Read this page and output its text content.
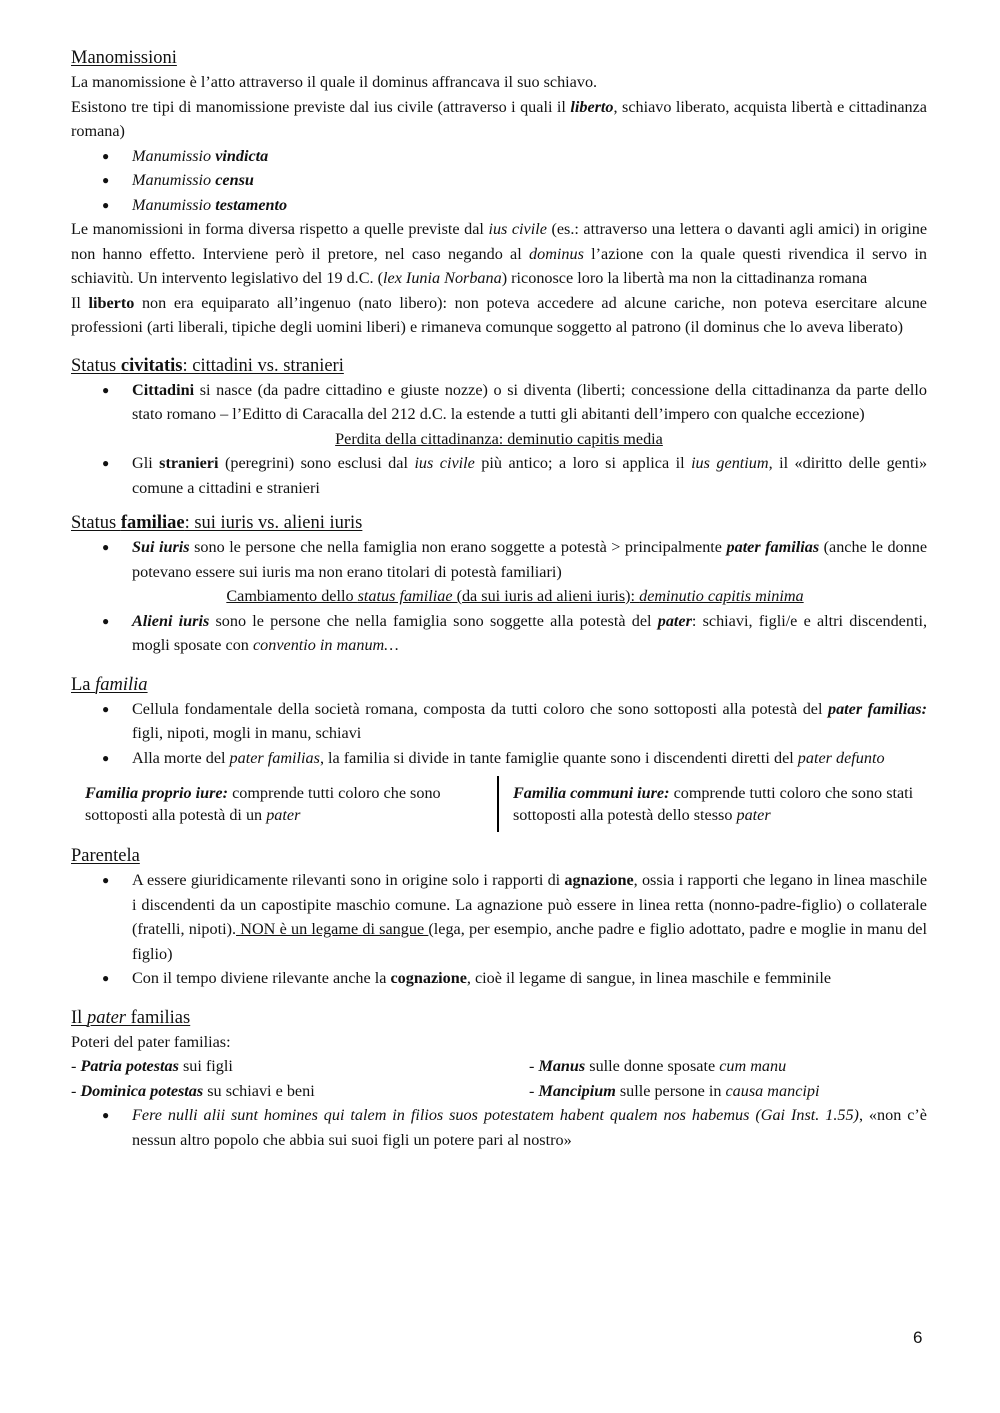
Manomissioni
La manomissione è l’atto attraverso il quale il dominus affrancava il suo schiavo.
Esistono tre tipi di manomissione previste dal ius civile (attraverso i quali il liberto, schiavo liberato, acquista libertà e cittadinanza romana)
● Manumissio vindicta
● Manumissio censu
● Manumissio testamento
Le manomissioni in forma diversa rispetto a quelle previste dal ius civile (es.: attraverso una lettera o davanti agli amici) in origine non hanno effetto. Interviene però il pretore, nel caso negando al dominus l’azione con la quale questi rivendica il servo in schiavitù. Un intervento legislativo del 19 d.C. (lex Iunia Norbana) riconosce loro la libertà ma non la cittadinanza romana
Il liberto non era equiparato all’ingenuo (nato libero): non poteva accedere ad alcune cariche, non poteva esercitare alcune professioni (arti liberali, tipiche degli uomini liberi) e rimaneva comunque soggetto al patrono (il dominus che lo aveva liberato)
Status civitatis: cittadini vs. stranieri
● Cittadini si nasce (da padre cittadino e giuste nozze) o si diventa (liberti; concessione della cittadinanza da parte dello stato romano – l’Editto di Caracalla del 212 d.C. la estende a tutti gli abitanti dell’impero con qualche eccezione)
Perdita della cittadinanza: deminutio capitis media
● Gli stranieri (peregrini) sono esclusi dal ius civile più antico; a loro si applica il ius gentium, il «diritto delle genti» comune a cittadini e stranieri
Status familiae: sui iuris vs. alieni iuris
● Sui iuris sono le persone che nella famiglia non erano soggette a potestà > principalmente pater familias (anche le donne potevano essere sui iuris ma non erano titolari di potestà familiari)
Cambiamento dello status familiae (da sui iuris ad alieni iuris): deminutio capitis minima
● Alieni iuris sono le persone che nella famiglia sono soggette alla potestà del pater: schiavi, figli/e e altri discendenti, mogli sposate con conventio in manum…
La familia
● Cellula fondamentale della società romana, composta da tutti coloro che sono sottoposti alla potestà del pater familias: figli, nipoti, mogli in manu, schiavi
● Alla morte del pater familias, la familia si divide in tante famiglie quante sono i discendenti diretti del pater defunto
Familia proprio iure: comprende tutti coloro che sono sottoposti alla potestà di un pater
Familia communi iure: comprende tutti coloro che sono stati sottoposti alla potestà dello stesso pater
Parentela
● A essere giuridicamente rilevanti sono in origine solo i rapporti di agnazione, ossia i rapporti che legano in linea maschile i discendenti da un capostipite maschio comune. La agnazione può essere in linea retta (nonno-padre-figlio) o collaterale (fratelli, nipoti). NON è un legame di sangue (lega, per esempio, anche padre e figlio adottato, padre e moglie in manu del figlio)
● Con il tempo diviene rilevante anche la cognazione, cioè il legame di sangue, in linea maschile e femminile
Il pater familias
Poteri del pater familias:
- Patria potestas sui figli	- Manus sulle donne sposate cum manu
- Dominica potestas su schiavi e beni	- Mancipium sulle persone in causa mancipi
● Fere nulli alii sunt homines qui talem in filios suos potestatem habent qualem nos habemus (Gai Inst. 1.55), «non c’è nessun altro popolo che abbia sui suoi figli un potere pari al nostro»
6
